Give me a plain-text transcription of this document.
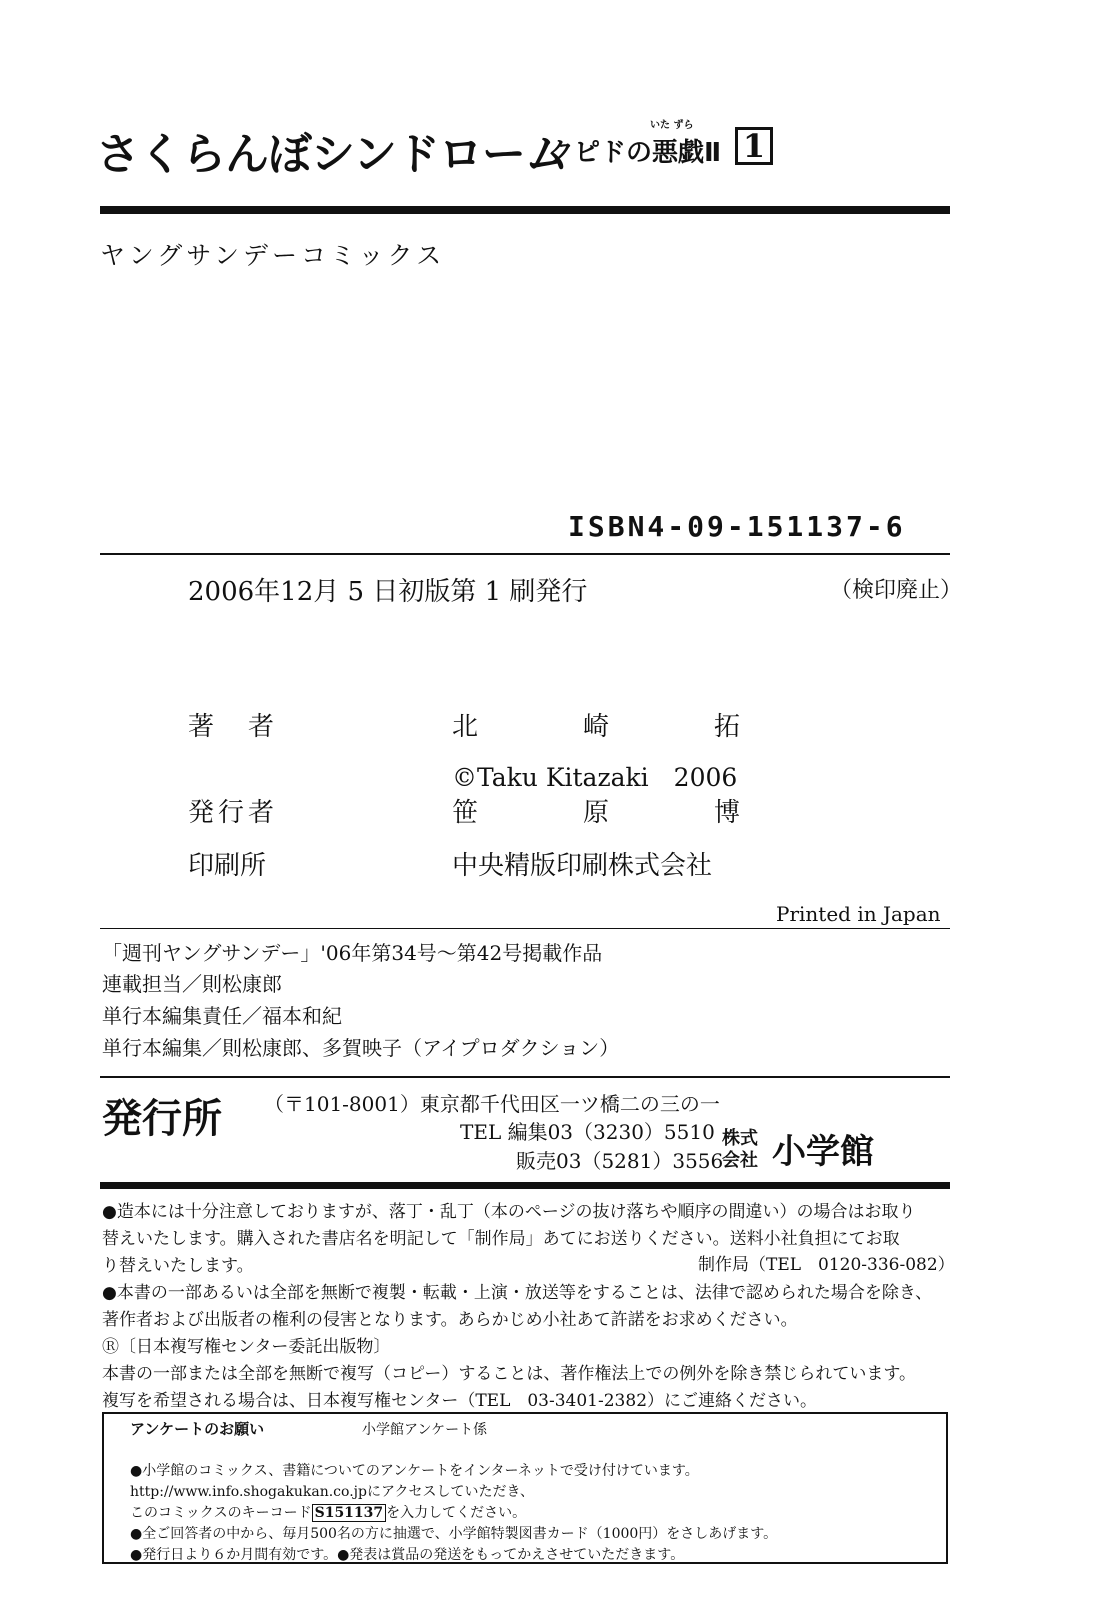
さくらんぼシンドローム
いた ずら
クピドの悪戯Ⅱ 1
ヤングサンデーコミックス
ISBN4-09-151137-6
2006年12月 5 日初版第 1 刷発行	（検印廃止）
著　者	北	崎	拓
©Taku Kitazaki　2006
発行者	笹	原	博
印刷所	中央精版印刷株式会社
Printed in Japan
「週刊ヤングサンデー」'06年第34号～第42号掲載作品
連載担当／則松康郎
単行本編集責任／福本和紀
単行本編集／則松康郎、多賀映子（アイプロダクション）
発行所 （〒101-8001）東京都千代田区一ツ橋二の三の一
TEL 編集03（3230）5510
販売03（5281）3556
株式
会社 小学館
●造本には十分注意しておりますが、落丁・乱丁（本のページの抜け落ちや順序の間違い）の場合はお取り
替えいたします。購入された書店名を明記して「制作局」あてにお送りください。送料小社負担にてお取
り替えいたします。	制作局（TEL　0120-336-082）
●本書の一部あるいは全部を無断で複製・転載・上演・放送等をすることは、法律で認められた場合を除き、
著作者および出版者の権利の侵害となります。あらかじめ小社あて許諾をお求めください。
Ⓡ〔日本複写権センター委託出版物〕
本書の一部または全部を無断で複写（コピー）することは、著作権法上での例外を除き禁じられています。
複写を希望される場合は、日本複写権センター（TEL　03-3401-2382）にご連絡ください。
アンケートのお願い	小学館アンケート係
●小学館のコミックス、書籍についてのアンケートをインターネットで受け付けています。
http://www.info.shogakukan.co.jpにアクセスしていただき、
このコミックスのキーコード S151137 を入力してください。
●全ご回答者の中から、毎月500名の方に抽選で、小学館特製図書カード（1000円）をさしあげます。
●発行日より６か月間有効です。●発表は賞品の発送をもってかえさせていただきます。
